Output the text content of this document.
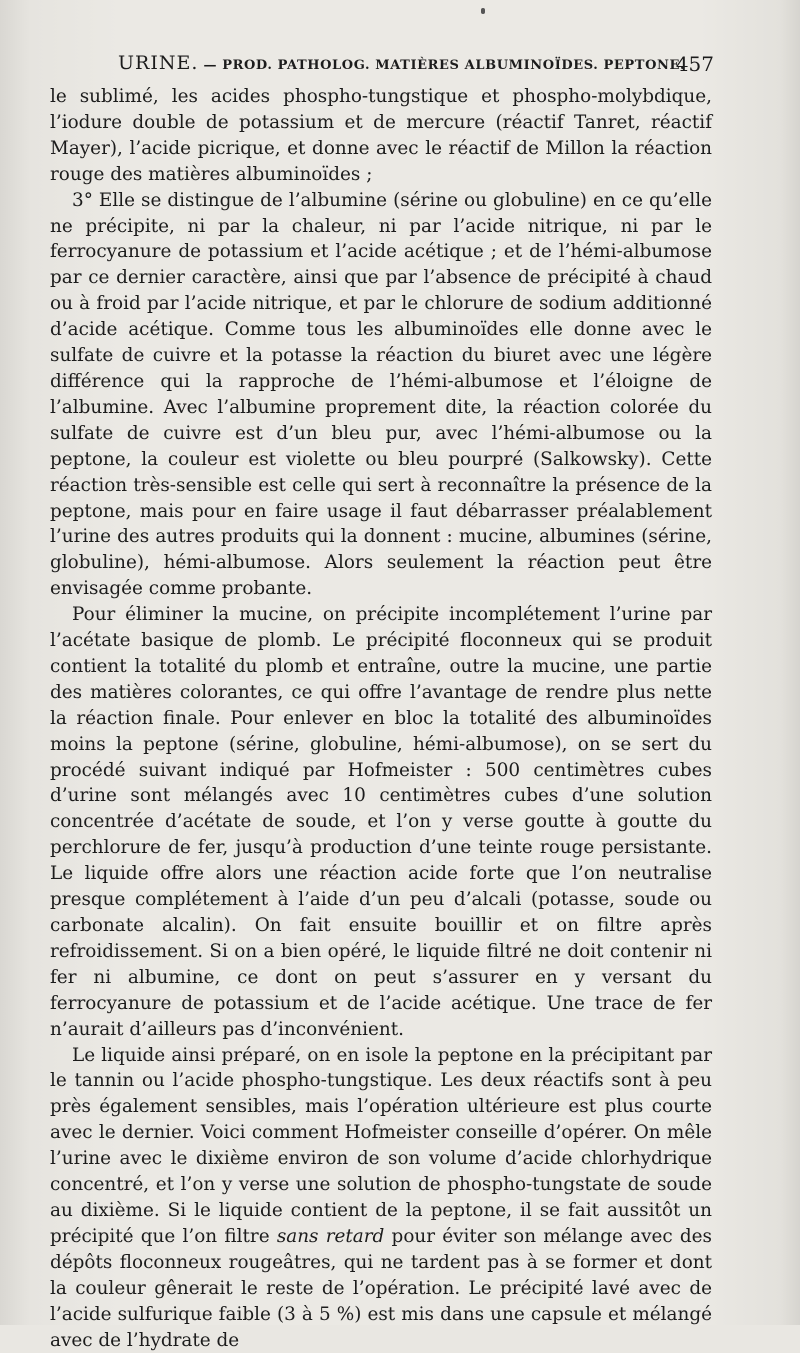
URINE. — PROD. PATHOLOG. MATIÈRES ALBUMINOÏDES. PEPTONE.
457

le sublimé, les acides phospho-tungstique et phospho-molybdique, l’iodure double de potassium et de mercure (réactif Tanret, réactif Mayer), l’acide picrique, et donne avec le réactif de Millon la réaction rouge des matières albuminoïdes ;

3° Elle se distingue de l’albumine (sérine ou globuline) en ce qu’elle ne précipite, ni par la chaleur, ni par l’acide nitrique, ni par le ferrocyanure de potassium et l’acide acétique ; et de l’hémi-albumose par ce dernier caractère, ainsi que par l’absence de précipité à chaud ou à froid par l’acide nitrique, et par le chlorure de sodium additionné d’acide acétique. Comme tous les albuminoïdes elle donne avec le sulfate de cuivre et la potasse la réaction du biuret avec une légère différence qui la rapproche de l’hémi-albumose et l’éloigne de l’albumine. Avec l’albumine proprement dite, la réaction colorée du sulfate de cuivre est d’un bleu pur, avec l’hémi-albumose ou la peptone, la couleur est violette ou bleu pourpré (Salkowsky). Cette réaction très-sensible est celle qui sert à reconnaître la présence de la peptone, mais pour en faire usage il faut débarrasser préalablement l’urine des autres produits qui la donnent : mucine, albumines (sérine, globuline), hémi-albumose. Alors seulement la réaction peut être envisagée comme probante.

Pour éliminer la mucine, on précipite incomplétement l’urine par l’acétate basique de plomb. Le précipité floconneux qui se produit contient la totalité du plomb et entraîne, outre la mucine, une partie des matières colorantes, ce qui offre l’avantage de rendre plus nette la réaction finale. Pour enlever en bloc la totalité des albuminoïdes moins la peptone (sérine, globuline, hémi-albumose), on se sert du procédé suivant indiqué par Hofmeister : 500 centimètres cubes d’urine sont mélangés avec 10 centimètres cubes d’une solution concentrée d’acétate de soude, et l’on y verse goutte à goutte du perchlorure de fer, jusqu’à production d’une teinte rouge persistante. Le liquide offre alors une réaction acide forte que l’on neutralise presque complétement à l’aide d’un peu d’alcali (potasse, soude ou carbonate alcalin). On fait ensuite bouillir et on filtre après refroidissement. Si on a bien opéré, le liquide filtré ne doit contenir ni fer ni albumine, ce dont on peut s’assurer en y versant du ferrocyanure de potassium et de l’acide acétique. Une trace de fer n’aurait d’ailleurs pas d’inconvénient.

Le liquide ainsi préparé, on en isole la peptone en la précipitant par le tannin ou l’acide phospho-tungstique. Les deux réactifs sont à peu près également sensibles, mais l’opération ultérieure est plus courte avec le dernier. Voici comment Hofmeister conseille d’opérer. On mêle l’urine avec le dixième environ de son volume d’acide chlorhydrique concentré, et l’on y verse une solution de phospho-tungstate de soude au dixième. Si le liquide contient de la peptone, il se fait aussitôt un précipité que l’on filtre sans retard pour éviter son mélange avec des dépôts floconneux rougeâtres, qui ne tardent pas à se former et dont la couleur gênerait le reste de l’opération. Le précipité lavé avec de l’acide sulfurique faible (3 à 5 %) est mis dans une capsule et mélangé avec de l’hydrate de
